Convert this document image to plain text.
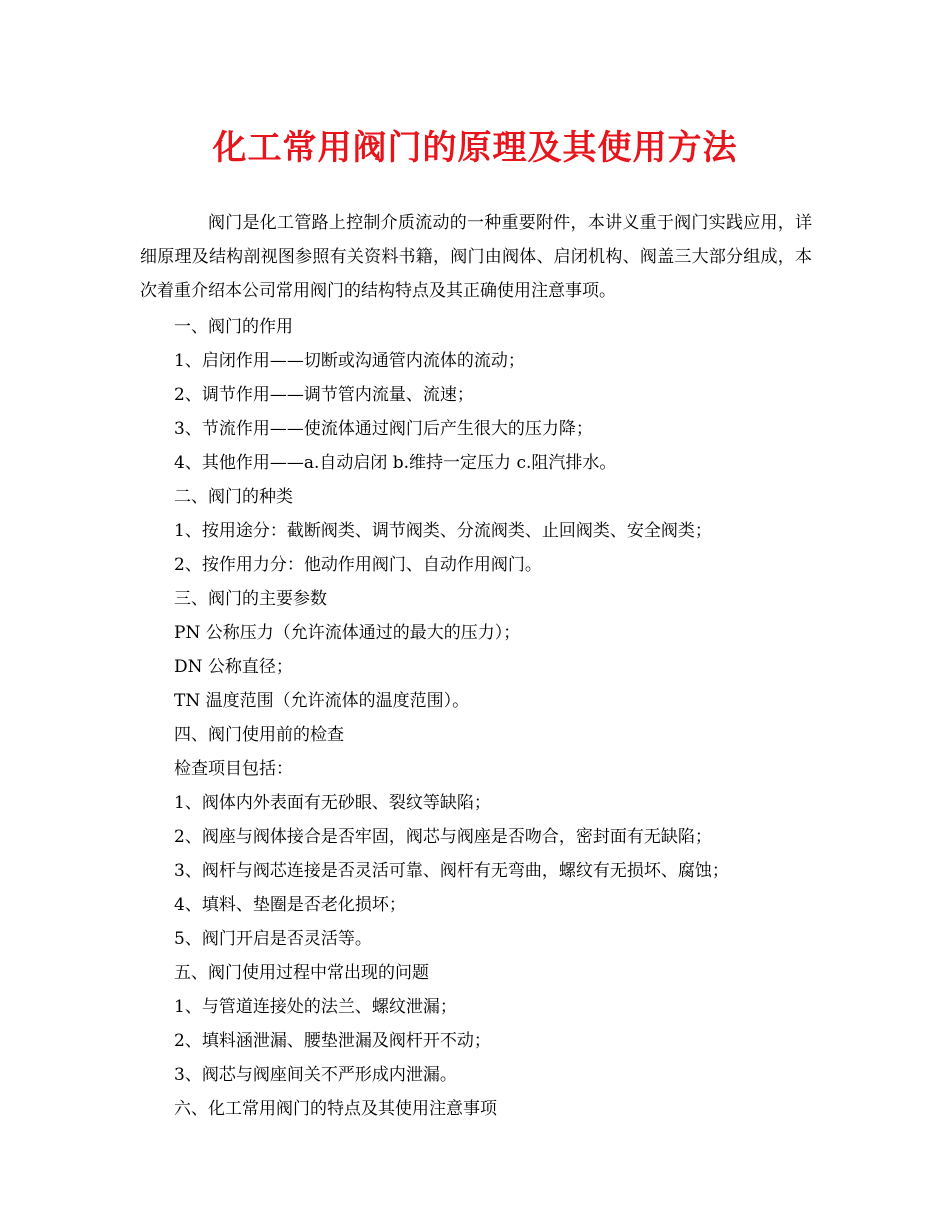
化工常用阀门的原理及其使用方法
阀门是化工管路上控制介质流动的一种重要附件，本讲义重于阀门实践应用，详细原理及结构剖视图参照有关资料书籍，阀门由阀体、启闭机构、阀盖三大部分组成，本次着重介绍本公司常用阀门的结构特点及其正确使用注意事项。
一、阀门的作用
1、启闭作用——切断或沟通管内流体的流动；
2、调节作用——调节管内流量、流速；
3、节流作用——使流体通过阀门后产生很大的压力降；
4、其他作用——a.自动启闭 b.维持一定压力 c.阻汽排水。
二、阀门的种类
1、按用途分：截断阀类、调节阀类、分流阀类、止回阀类、安全阀类；
2、按作用力分：他动作用阀门、自动作用阀门。
三、阀门的主要参数
PN 公称压力（允许流体通过的最大的压力）；
DN 公称直径；
TN 温度范围（允许流体的温度范围）。
四、阀门使用前的检查
检查项目包括：
1、阀体内外表面有无砂眼、裂纹等缺陷；
2、阀座与阀体接合是否牢固，阀芯与阀座是否吻合，密封面有无缺陷；
3、阀杆与阀芯连接是否灵活可靠、阀杆有无弯曲，螺纹有无损坏、腐蚀；
4、填料、垫圈是否老化损坏；
5、阀门开启是否灵活等。
五、阀门使用过程中常出现的问题
1、与管道连接处的法兰、螺纹泄漏；
2、填料涵泄漏、腰垫泄漏及阀杆开不动；
3、阀芯与阀座间关不严形成内泄漏。
六、化工常用阀门的特点及其使用注意事项
